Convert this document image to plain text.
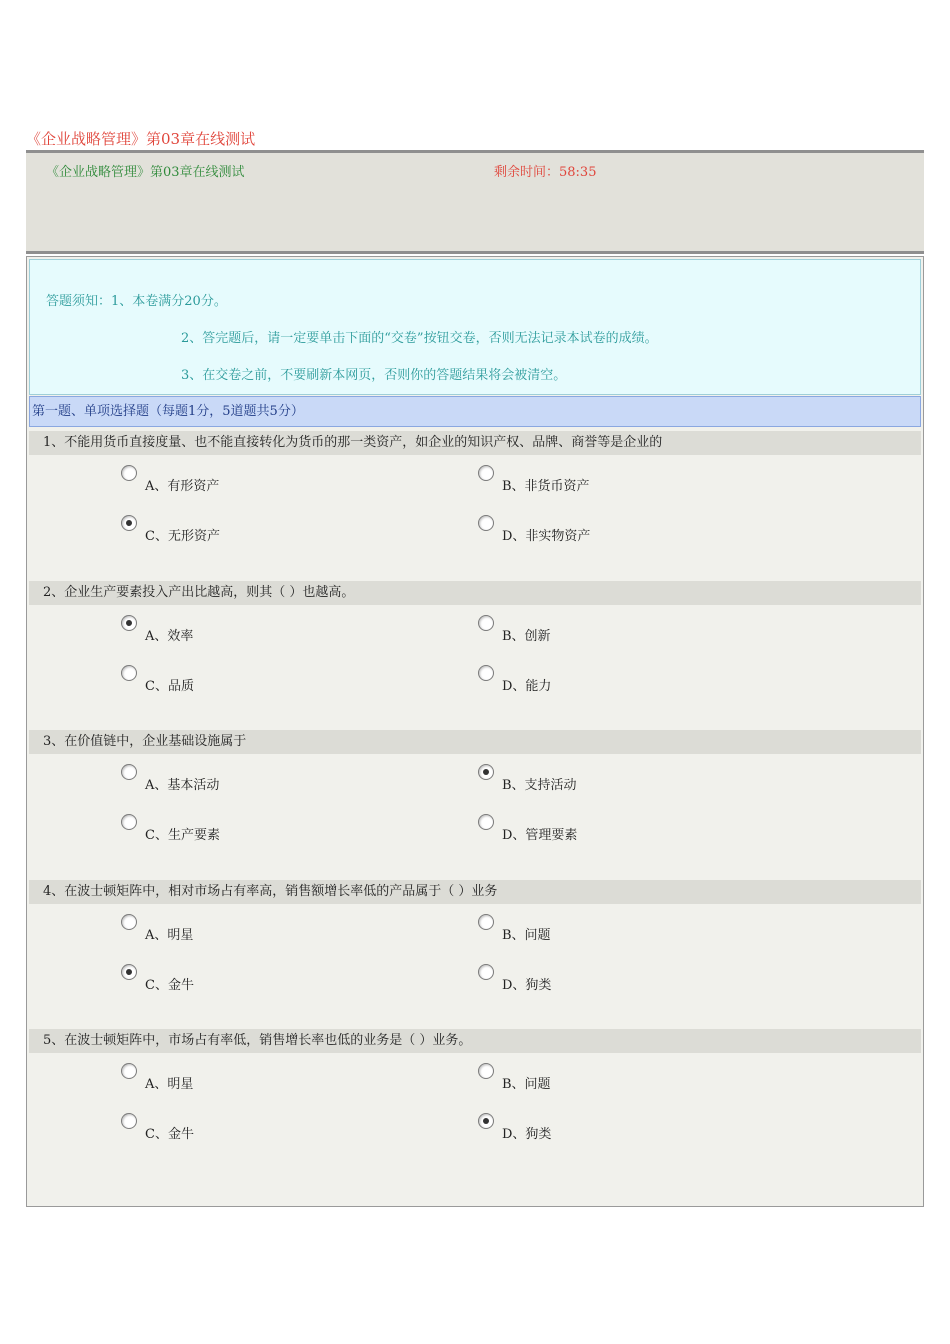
《企业战略管理》第03章在线测试
《企业战略管理》第03章在线测试	剩余时间：58:35
答题须知：1、本卷满分20分。
2、答完题后，请一定要单击下面的“交卷”按钮交卷，否则无法记录本试卷的成绩。
3、在交卷之前，不要刷新本网页，否则你的答题结果将会被清空。
第一题、单项选择题（每题1分，5道题共5分）
1、不能用货币直接度量、也不能直接转化为货币的那一类资产，如企业的知识产权、品牌、商誉等是企业的
A、有形资产	B、非货币资产
C、无形资产	D、非实物资产
2、企业生产要素投入产出比越高，则其（ ）也越高。
A、效率	B、创新
C、品质	D、能力
3、在价值链中，企业基础设施属于
A、基本活动	B、支持活动
C、生产要素	D、管理要素
4、在波士顿矩阵中，相对市场占有率高，销售额增长率低的产品属于（ ）业务
A、明星	B、问题
C、金牛	D、狗类
5、在波士顿矩阵中，市场占有率低，销售增长率也低的业务是（ ）业务。
A、明星	B、问题
C、金牛	D、狗类
